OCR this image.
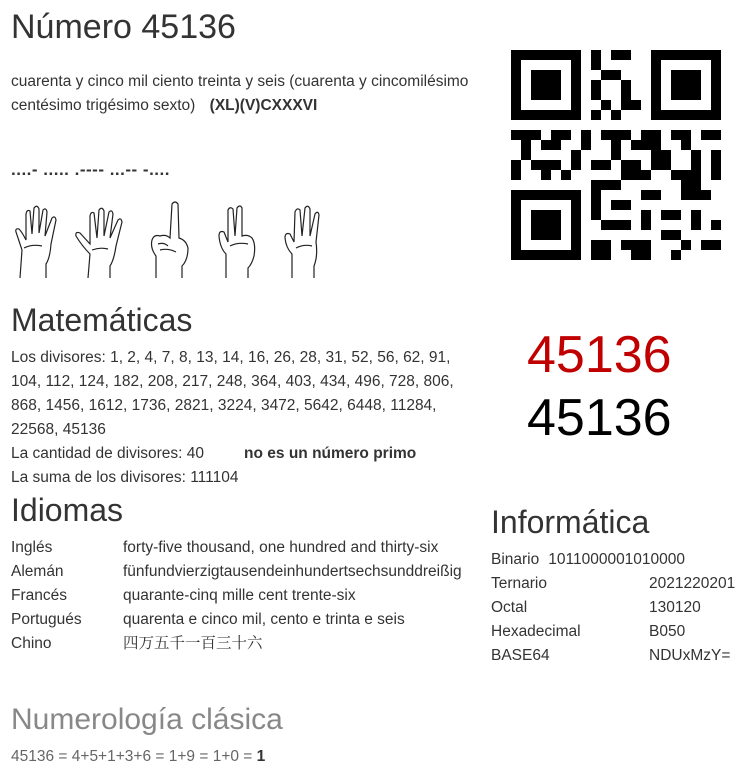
Número 45136
cuarenta y cinco mil ciento treinta y seis (cuarenta y cincomilésimo centésimo trigésimo sexto) (XL)(V)CXXXVI
....- ..... .---- ...-- -....
Matemáticas
Los divisores: 1, 2, 4, 7, 8, 13, 14, 16, 26, 28, 31, 52, 56, 62, 91, 104, 112, 124, 182, 208, 217, 248, 364, 403, 434, 496, 728, 806, 868, 1456, 1612, 1736, 2821, 3224, 3472, 5642, 6448, 11284, 22568, 45136
La cantidad de divisores: 40	no es un número primo
La suma de los divisores: 111104
45136
45136
Idiomas
Inglés	forty-five thousand, one hundred and thirty-six
Alemán	fünfundvierzigtausendeinhundertsechsunddreißig
Francés	quarante-cinq mille cent trente-six
Portugués	quarenta e cinco mil, cento e trinta e seis
Chino	四万五千一百三十六
Informática
Binario 1011000001010000
Ternario	2021220201
Octal	130120
Hexadecimal	B050
BASE64	NDUxMzY=
Numerología clásica
45136 = 4+5+1+3+6 = 1+9 = 1+0 = 1
